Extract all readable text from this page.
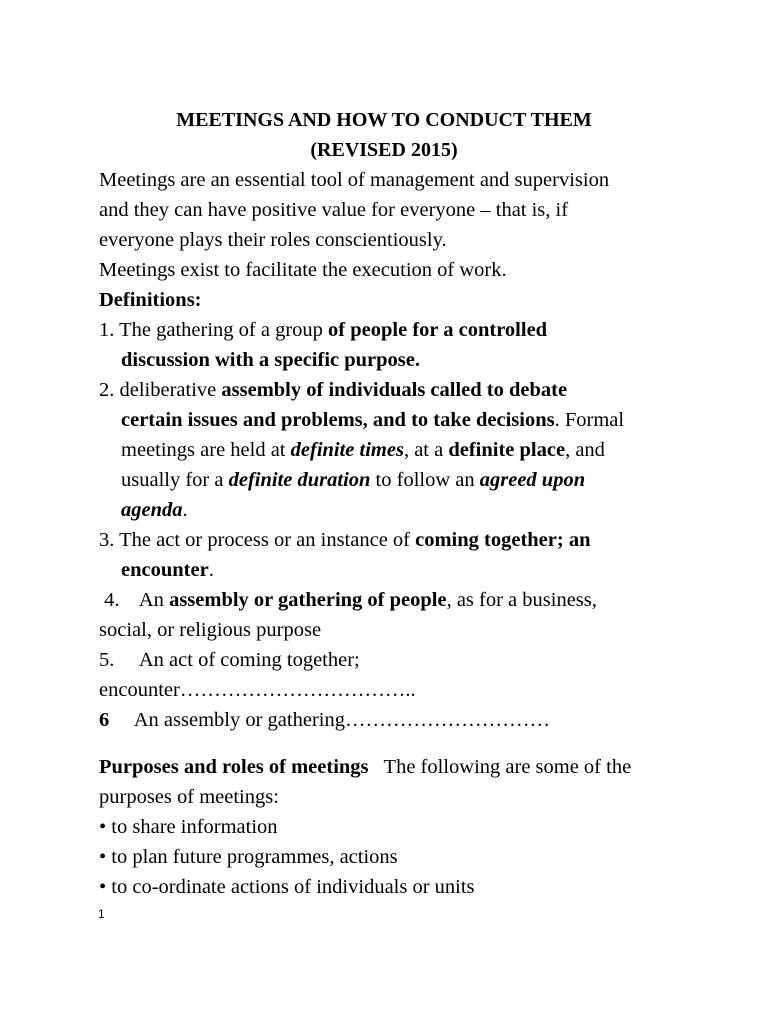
MEETINGS AND HOW TO CONDUCT THEM

(REVISED 2015)

Meetings are an essential tool of management and supervision

and they can have positive value for everyone – that is, if

everyone plays their roles conscientiously.

Meetings exist to facilitate the execution of work.

Definitions:

1. The gathering of a group of people for a controlled

discussion with a specific purpose.

2. deliberative assembly of individuals called to debate

certain issues and problems, and to take decisions. Formal

meetings are held at definite times, at a definite place, and

usually for a definite duration to follow an agreed upon

agenda.

3. The act or process or an instance of coming together; an

encounter.

4.    An assembly or gathering of people, as for a business,

social, or religious purpose

5.     An act of coming together;

encounter……………………………..

6     An assembly or gathering…………………………

Purposes and roles of meetings   The following are some of the

purposes of meetings:

• to share information

• to plan future programmes, actions

• to co-ordinate actions of individuals or units

1
